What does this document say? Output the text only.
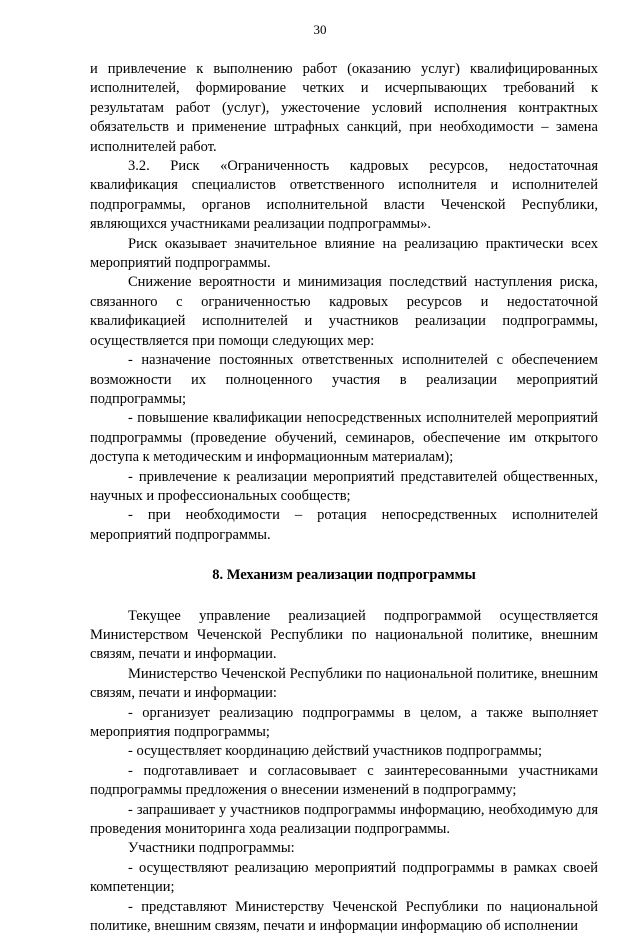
30

и привлечение к выполнению работ (оказанию услуг) квалифицированных исполнителей, формирование четких и исчерпывающих требований к результатам работ (услуг), ужесточение условий исполнения контрактных обязательств и применение штрафных санкций, при необходимости – замена исполнителей работ.

3.2. Риск «Ограниченность кадровых ресурсов, недостаточная квалификация специалистов ответственного исполнителя и исполнителей подпрограммы, органов исполнительной власти Чеченской Республики, являющихся участниками реализации подпрограммы».

Риск оказывает значительное влияние на реализацию практически всех мероприятий подпрограммы.

Снижение вероятности и минимизация последствий наступления риска, связанного с ограниченностью кадровых ресурсов и недостаточной квалификацией исполнителей и участников реализации подпрограммы, осуществляется при помощи следующих мер:

- назначение постоянных ответственных исполнителей с обеспечением возможности их полноценного участия в реализации мероприятий подпрограммы;

- повышение квалификации непосредственных исполнителей мероприятий подпрограммы (проведение обучений, семинаров, обеспечение им открытого доступа к методическим и информационным материалам);

- привлечение к реализации мероприятий представителей общественных, научных и профессиональных сообществ;

- при необходимости – ротация непосредственных исполнителей мероприятий подпрограммы.

8. Механизм реализации подпрограммы

Текущее управление реализацией подпрограммой осуществляется Министерством Чеченской Республики по национальной политике, внешним связям, печати и информации.

Министерство Чеченской Республики по национальной политике, внешним связям, печати и информации:

- организует реализацию подпрограммы в целом, а также выполняет мероприятия подпрограммы;

- осуществляет координацию действий участников подпрограммы;

- подготавливает и согласовывает с заинтересованными участниками подпрограммы предложения о внесении изменений в подпрограмму;

- запрашивает у участников подпрограммы информацию, необходимую для проведения мониторинга хода реализации подпрограммы.

Участники подпрограммы:

- осуществляют реализацию мероприятий подпрограммы в рамках своей компетенции;

- представляют Министерству Чеченской Республики по национальной политике, внешним связям, печати и информации информацию об исполнении
